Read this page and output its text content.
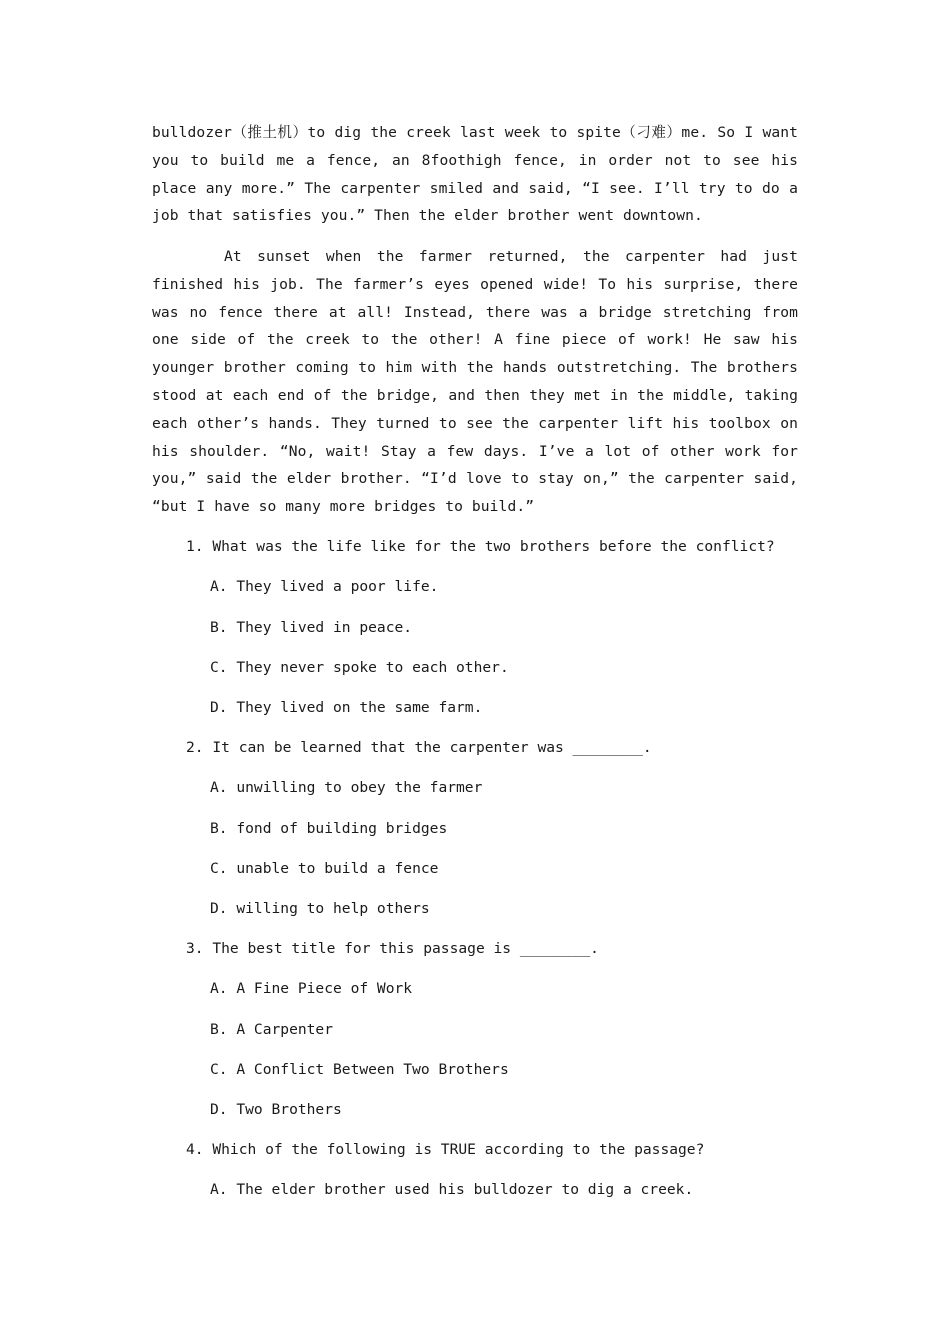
bulldozer（推土机）to dig the creek last week to spite（刁难）me. So I want you to build me a fence, an 8foothigh fence, in order not to see his place any more.” The carpenter smiled and said, “I see. I’ll try to do a job that satisfies you.” Then the elder brother went downtown.

At sunset when the farmer returned, the carpenter had just finished his job. The farmer’s eyes opened wide! To his surprise, there was no fence there at all! Instead, there was a bridge stretching from one side of the creek to the other! A fine piece of work! He saw his younger brother coming to him with the hands outstretching. The brothers stood at each end of the bridge, and then they met in the middle, taking each other’s hands. They turned to see the carpenter lift his toolbox on his shoulder. “No, wait! Stay a few days. I’ve a lot of other work for you,” said the elder brother. “I’d love to stay on,” the carpenter said, “but I have so many more bridges to build.”

1. What was the life like for the two brothers before the conflict?

A. They lived a poor life.

B. They lived in peace.

C. They never spoke to each other.

D. They lived on the same farm.

2. It can be learned that the carpenter was ________.

A. unwilling to obey the farmer

B. fond of building bridges

C. unable to build a fence

D. willing to help others

3. The best title for this passage is ________.

A. A Fine Piece of Work

B. A Carpenter

C. A Conflict Between Two Brothers

D. Two Brothers

4. Which of the following is TRUE according to the passage?

A. The elder brother used his bulldozer to dig a creek.
